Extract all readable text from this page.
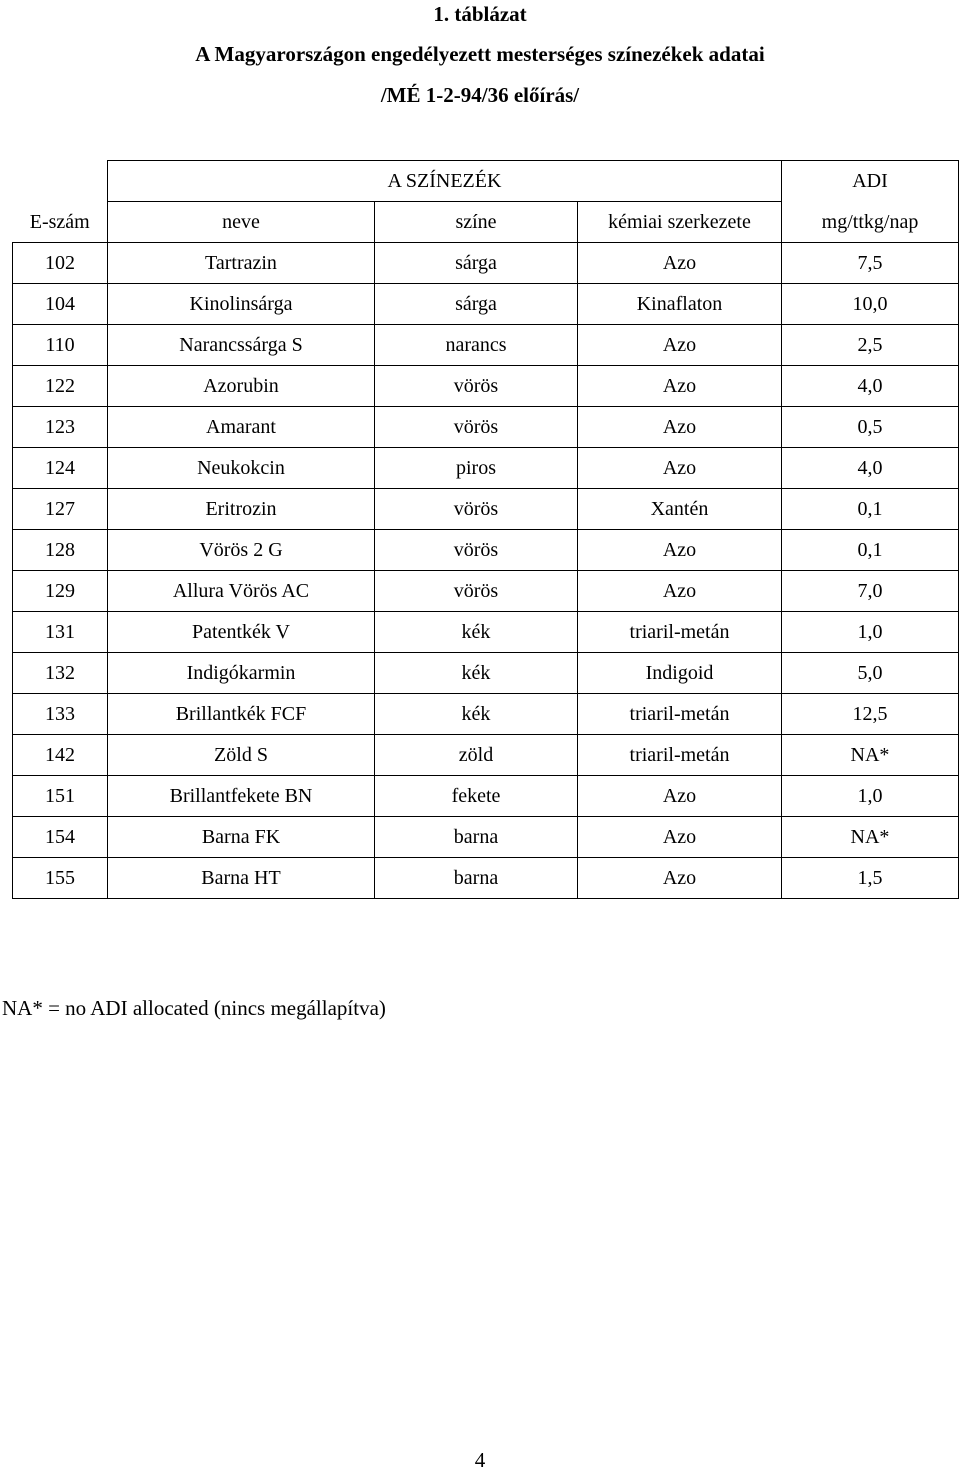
1. táblázat
A Magyarországon engedélyezett mesterséges színezékek adatai
/MÉ 1-2-94/36 előírás/
	A SZÍNEZÉK			ADI
E-szám	neve	színe	kémiai szerkezete	mg/ttkg/nap
102	Tartrazin	sárga	Azo	7,5
104	Kinolinsárga	sárga	Kinaflaton	10,0
110	Narancssárga S	narancs	Azo	2,5
122	Azorubin	vörös	Azo	4,0
123	Amarant	vörös	Azo	0,5
124	Neukokcin	piros	Azo	4,0
127	Eritrozin	vörös	Xantén	0,1
128	Vörös 2 G	vörös	Azo	0,1
129	Allura Vörös AC	vörös	Azo	7,0
131	Patentkék V	kék	triaril-metán	1,0
132	Indigókarmin	kék	Indigoid	5,0
133	Brillantkék FCF	kék	triaril-metán	12,5
142	Zöld S	zöld	triaril-metán	NA*
151	Brillantfekete BN	fekete	Azo	1,0
154	Barna FK	barna	Azo	NA*
155	Barna HT	barna	Azo	1,5
NA* = no ADI allocated (nincs megállapítva)
4
